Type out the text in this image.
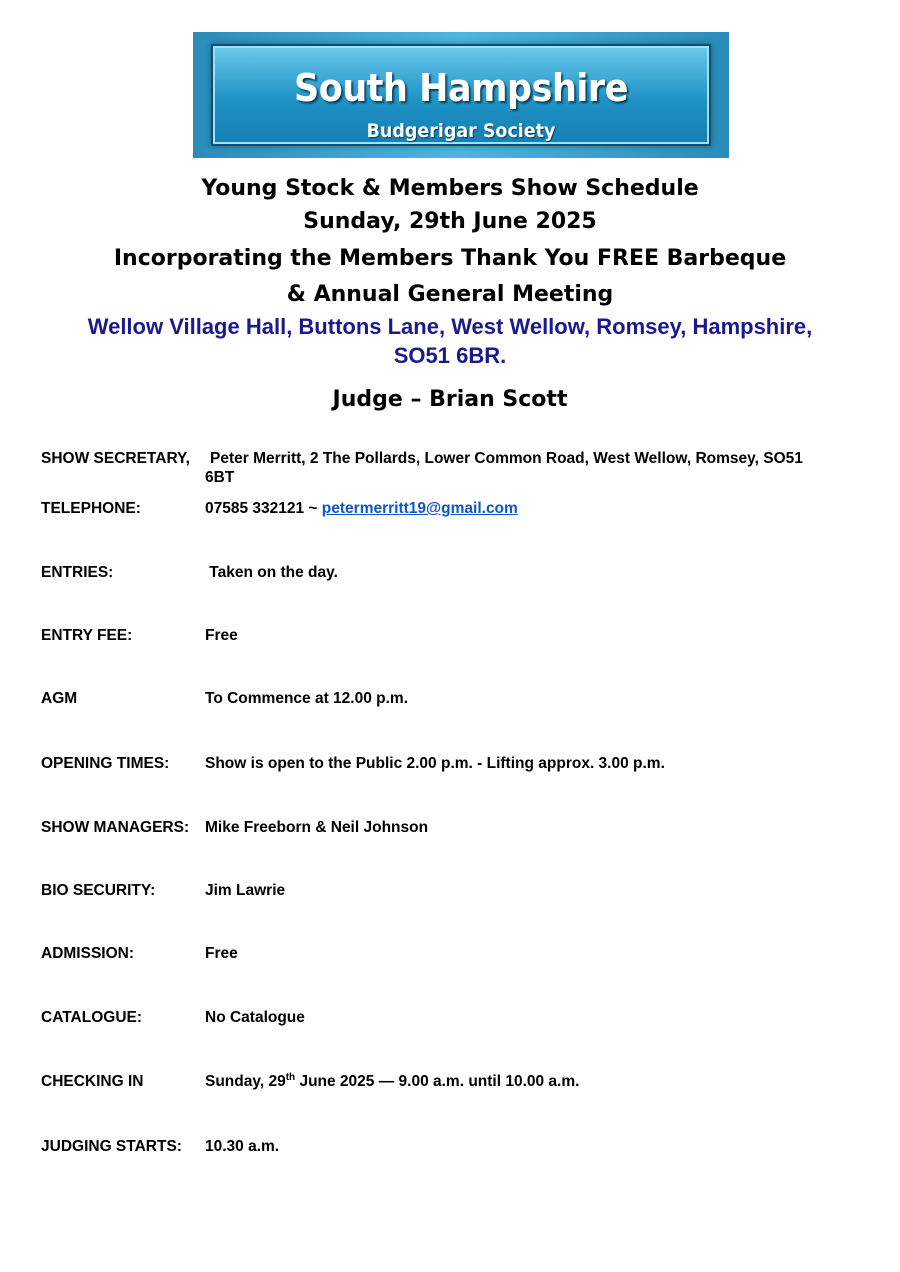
South Hampshire
Budgerigar Society
Young Stock & Members Show Schedule
Sunday, 29th June 2025
Incorporating the Members Thank You FREE Barbeque
& Annual General Meeting
Wellow Village Hall, Buttons Lane, West Wellow, Romsey, Hampshire,
SO51 6BR.
Judge – Brian Scott
SHOW SECRETARY, Peter Merritt, 2 The Pollards, Lower Common Road, West Wellow, Romsey, SO51
6BT
TELEPHONE:	07585 332121 ~ petermerritt19@gmail.com
ENTRIES:	Taken on the day.
ENTRY FEE:	Free
AGM	To Commence at 12.00 p.m.
OPENING TIMES: Show is open to the Public 2.00 p.m. - Lifting approx. 3.00 p.m.
SHOW MANAGERS: Mike Freeborn & Neil Johnson
BIO SECURITY:	Jim Lawrie
ADMISSION:	Free
CATALOGUE:	No Catalogue
CHECKING IN	Sunday, 29th June 2025 — 9.00 a.m. until 10.00 a.m.
JUDGING STARTS: 10.30 a.m.
